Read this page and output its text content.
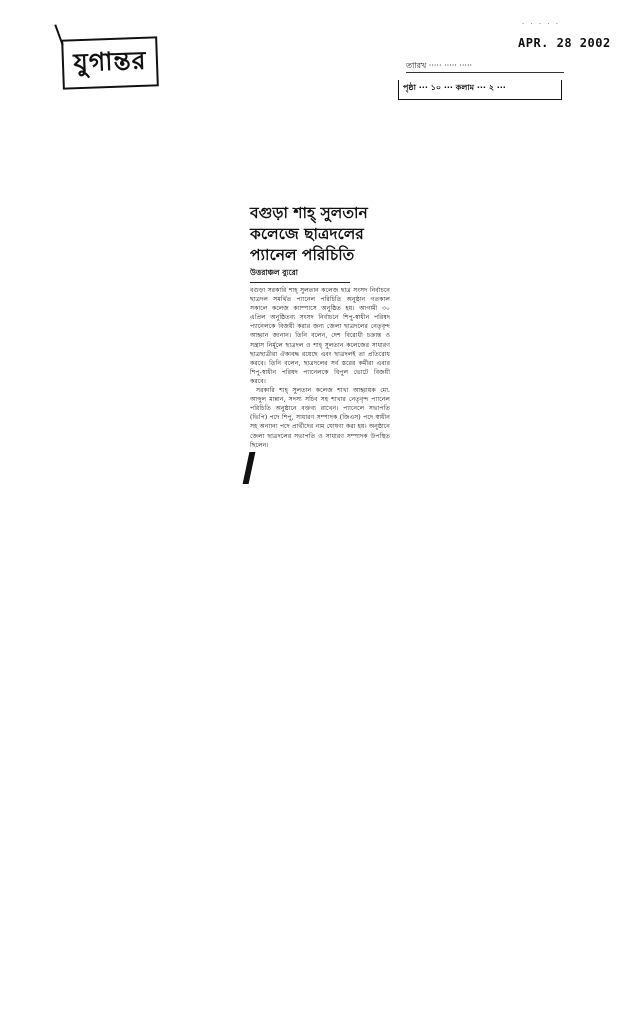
যুগান্তর
· · · · ·
APR. 28 2002
তারিখ ····· ····· ·····
পৃষ্ঠা ··· ১০ ··· কলাম ··· ২ ···
বগুড়া শাহ্ সুলতান কলেজে ছাত্রদলের প্যানেল পরিচিতি
উত্তরাঞ্চল ব্যুরো

বগুড়া সরকারি শাহ্ সুলতান কলেজ ছাত্র সংসদ নির্বাচনে ছাত্রদল সমর্থিত প্যানেল পরিচিতি অনুষ্ঠান গতকাল সকালে কলেজ ক্যাম্পাসে অনুষ্ঠিত হয়। আগামী ৩০ এপ্রিল অনুষ্ঠিতব্য সংসদ নির্বাচনে শিপু-স্বাধীন পরিষদ প্যানেলকে বিজয়ী করার জন্য জেলা ছাত্রদলের নেতৃবৃন্দ আহ্বান জানান। তিনি বলেন, দেশ বিরোধী চক্রান্ত ও সন্ত্রাস নির্মূলে ছাত্রদল ও শাহ্ সুলতান কলেজের সাধারণ ছাত্রছাত্রীরা ঐক্যবদ্ধ রয়েছে এবং ছাত্রদলই তা প্রতিরোধ করবে। তিনি বলেন, ছাত্রদলের সর্ব স্তরের কর্মীরা এবার শিপু-স্বাধীন পরিষদ প্যানেলকে বিপুল ভোটে বিজয়ী করবে।

সরকারি শাহ্ সুলতান কলেজ শাখা আহ্বায়ক মো. আব্দুল মান্নান, সদস্য সচিব সহ শাখার নেতৃবৃন্দ প্যানেল পরিচিতি অনুষ্ঠানে বক্তব্য রাখেন। প্যানেলে সভাপতি (ভিপি) পদে শিপু, সাধারণ সম্পাদক (জিএস) পদে স্বাধীন সহ অন্যান্য পদে প্রার্থীদের নাম ঘোষণা করা হয়। অনুষ্ঠানে জেলা ছাত্রদলের সভাপতি ও সাধারণ সম্পাদক উপস্থিত ছিলেন।
